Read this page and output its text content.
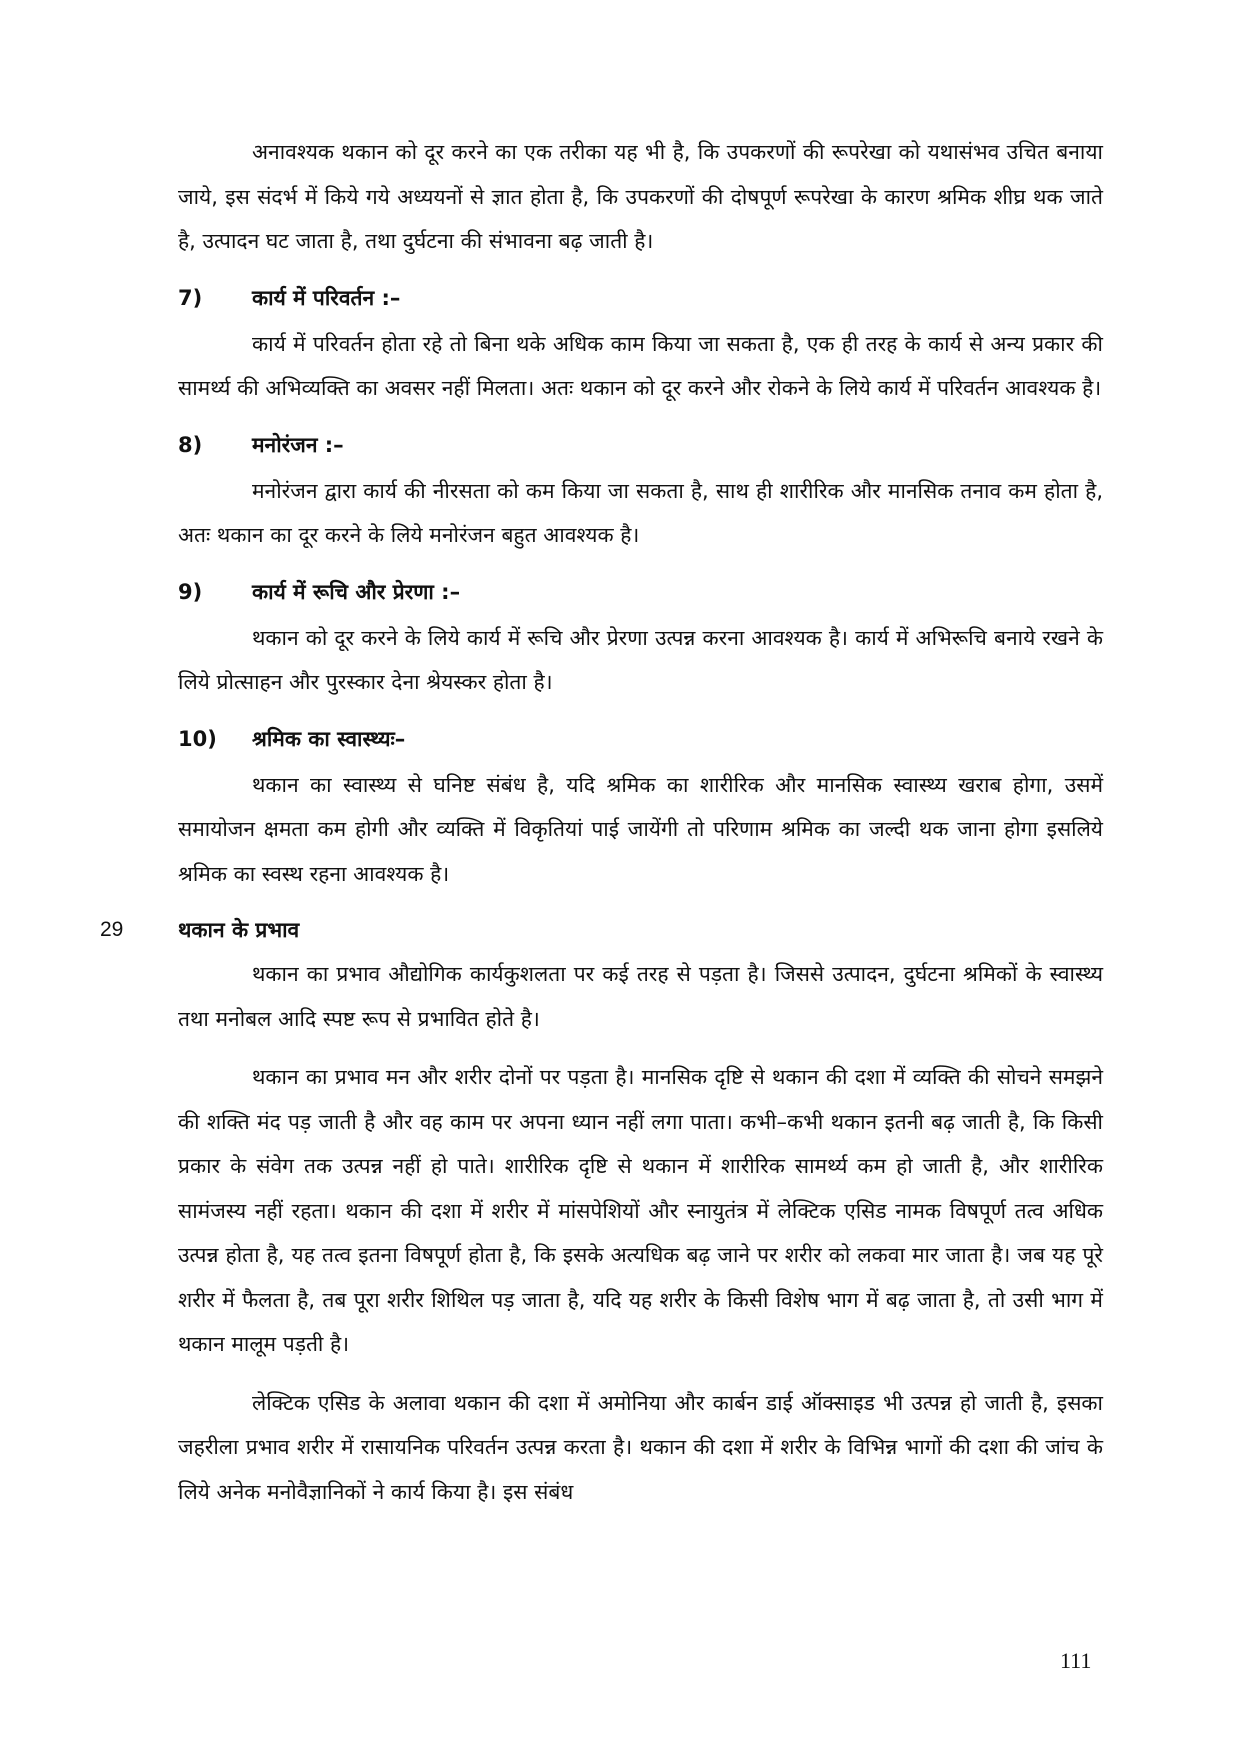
अनावश्यक थकान को दूर करने का एक तरीका यह भी है, कि उपकरणों की रूपरेखा को यथासंभव उचित बनाया जाये, इस संदर्भ में किये गये अध्ययनों से ज्ञात होता है, कि उपकरणों की दोषपूर्ण रूपरेखा के कारण श्रमिक शीघ्र थक जाते है, उत्पादन घट जाता है, तथा दुर्घटना की संभावना बढ़ जाती है।

7) कार्य में परिवर्तन :–

कार्य में परिवर्तन होता रहे तो बिना थके अधिक काम किया जा सकता है, एक ही तरह के कार्य से अन्य प्रकार की सामर्थ्य की अभिव्यक्ति का अवसर नहीं मिलता। अतः थकान को दूर करने और रोकने के लिये कार्य में परिवर्तन आवश्यक है।

8) मनोरंजन :–

मनोरंजन द्वारा कार्य की नीरसता को कम किया जा सकता है, साथ ही शारीरिक और मानसिक तनाव कम होता है, अतः थकान का दूर करने के लिये मनोरंजन बहुत आवश्यक है।

9) कार्य में रूचि और प्रेरणा :–

थकान को दूर करने के लिये कार्य में रूचि और प्रेरणा उत्पन्न करना आवश्यक है। कार्य में अभिरूचि बनाये रखने के लिये प्रोत्साहन और पुरस्कार देना श्रेयस्कर होता है।

10) श्रमिक का स्वास्थ्यः–

थकान का स्वास्थ्य से घनिष्ट संबंध है, यदि श्रमिक का शारीरिक और मानसिक स्वास्थ्य खराब होगा, उसमें समायोजन क्षमता कम होगी और व्यक्ति में विकृतियां पाई जायेंगी तो परिणाम श्रमिक का जल्दी थक जाना होगा इसलिये श्रमिक का स्वस्थ रहना आवश्यक है।

29	थकान के प्रभाव

थकान का प्रभाव औद्योगिक कार्यकुशलता पर कई तरह से पड़ता है। जिससे उत्पादन, दुर्घटना श्रमिकों के स्वास्थ्य तथा मनोबल आदि स्पष्ट रूप से प्रभावित होते है।

थकान का प्रभाव मन और शरीर दोनों पर पड़ता है। मानसिक दृष्टि से थकान की दशा में व्यक्ति की सोचने समझने की शक्ति मंद पड़ जाती है और वह काम पर अपना ध्यान नहीं लगा पाता। कभी–कभी थकान इतनी बढ़ जाती है, कि किसी प्रकार के संवेग तक उत्पन्न नहीं हो पाते। शारीरिक दृष्टि से थकान में शारीरिक सामर्थ्य कम हो जाती है, और शारीरिक सामंजस्य नहीं रहता। थकान की दशा में शरीर में मांसपेशियों और स्नायुतंत्र में लेक्टिक एसिड नामक विषपूर्ण तत्व अधिक उत्पन्न होता है, यह तत्व इतना विषपूर्ण होता है, कि इसके अत्यधिक बढ़ जाने पर शरीर को लकवा मार जाता है। जब यह पूरे शरीर में फैलता है, तब पूरा शरीर शिथिल पड़ जाता है, यदि यह शरीर के किसी विशेष भाग में बढ़ जाता है, तो उसी भाग में थकान मालूम पड़ती है।

लेक्टिक एसिड के अलावा थकान की दशा में अमोनिया और कार्बन डाई ऑक्साइड भी उत्पन्न हो जाती है, इसका जहरीला प्रभाव शरीर में रासायनिक परिवर्तन उत्पन्न करता है। थकान की दशा में शरीर के विभिन्न भागों की दशा की जांच के लिये अनेक मनोवैज्ञानिकों ने कार्य किया है। इस संबंध

111
